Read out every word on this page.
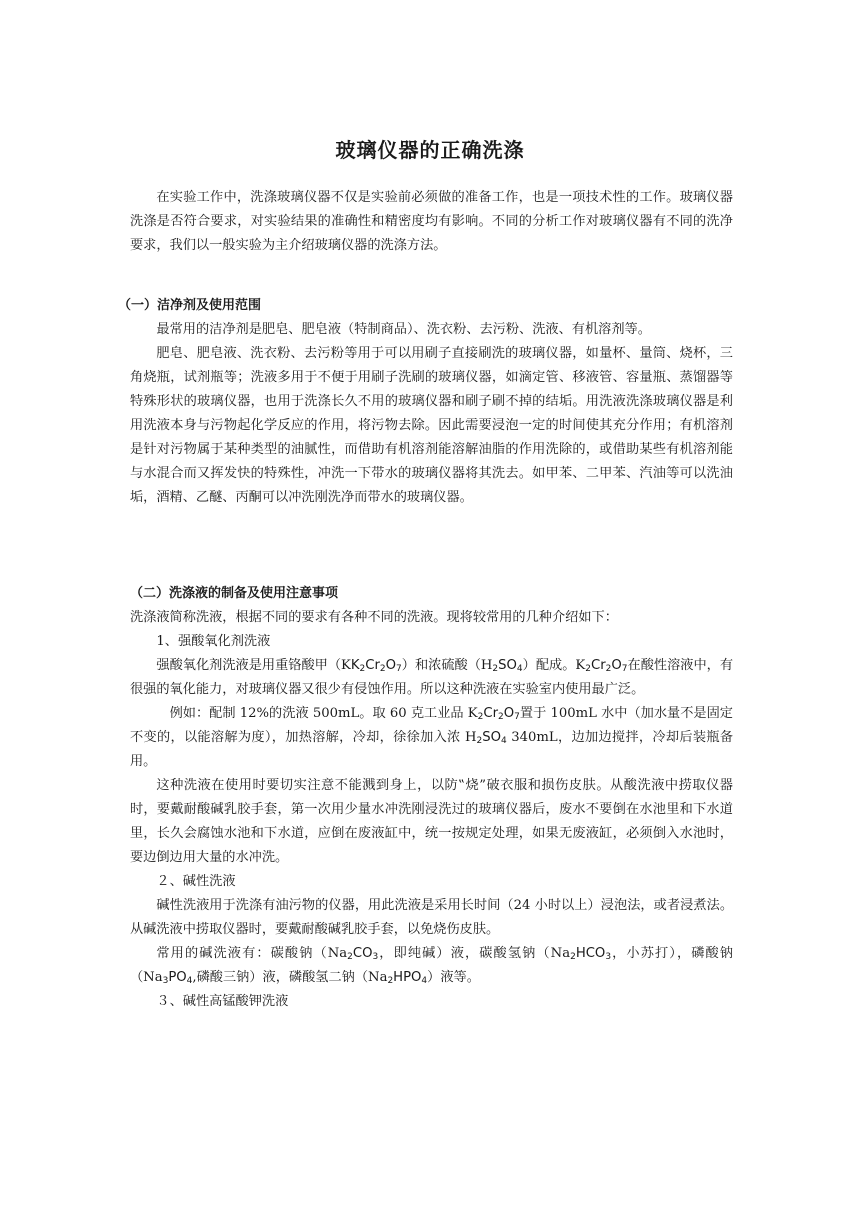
玻璃仪器的正确洗涤

在实验工作中，洗涤玻璃仪器不仅是实验前必须做的准备工作，也是一项技术性的工作。玻璃仪器洗涤是否符合要求，对实验结果的准确性和精密度均有影响。不同的分析工作对玻璃仪器有不同的洗净要求，我们以一般实验为主介绍玻璃仪器的洗涤方法。

（一）洁净剂及使用范围

最常用的洁净剂是肥皂、肥皂液（特制商品）、洗衣粉、去污粉、洗液、有机溶剂等。

肥皂、肥皂液、洗衣粉、去污粉等用于可以用刷子直接刷洗的玻璃仪器，如量杯、量筒、烧杯，三角烧瓶，试剂瓶等；洗液多用于不便于用刷子洗刷的玻璃仪器，如滴定管、移液管、容量瓶、蒸馏器等特殊形状的玻璃仪器，也用于洗涤长久不用的玻璃仪器和刷子刷不掉的结垢。用洗液洗涤玻璃仪器是利用洗液本身与污物起化学反应的作用，将污物去除。因此需要浸泡一定的时间使其充分作用；有机溶剂是针对污物属于某种类型的油腻性，而借助有机溶剂能溶解油脂的作用洗除的，或借助某些有机溶剂能与水混合而又挥发快的特殊性，冲洗一下带水的玻璃仪器将其洗去。如甲苯、二甲苯、汽油等可以洗油垢，酒精、乙醚、丙酮可以冲洗刚洗净而带水的玻璃仪器。

（二）洗涤液的制备及使用注意事项

洗涤液简称洗液，根据不同的要求有各种不同的洗液。现将较常用的几种介绍如下：

1、强酸氧化剂洗液

强酸氧化剂洗液是用重铬酸甲$(KK_2Cr_2O_7)$和浓硫酸$(H_2SO_4)$配成。$K_2Cr_2O_7$在酸性溶液中，有很强的氧化能力，对玻璃仪器又很少有侵蚀作用。所以这种洗液在实验室内使用最广泛。

例如：配制 12%的洗液 500mL。取 60 克工业品 $K_2Cr_2O_7$置于 100mL 水中（加水量不是固定不变的，以能溶解为度），加热溶解，冷却，徐徐加入浓 $H_2SO_4$ 340mL，边加边搅拌，冷却后装瓶备用。

这种洗液在使用时要切实注意不能溅到身上，以防‟烧”破衣服和损伤皮肤。从酸洗液中捞取仪器时，要戴耐酸碱乳胶手套，第一次用少量水冲洗刚浸洗过的玻璃仪器后，废水不要倒在水池里和下水道里，长久会腐蚀水池和下水道，应倒在废液缸中，统一按规定处理，如果无废液缸，必须倒入水池时，要边倒边用大量的水冲洗。

２、碱性洗液

碱性洗液用于洗涤有油污物的仪器，用此洗液是采用长时间（24 小时以上）浸泡法，或者浸煮法。从碱洗液中捞取仪器时，要戴耐酸碱乳胶手套，以免烧伤皮肤。

常用的碱洗液有：碳酸钠（$Na_2CO_3$，即纯碱）液，碳酸氢钠（$Na_2HCO_3$，小苏打），磷酸钠（$Na_3PO_4$,磷酸三钠）液，磷酸氢二钠$(Na_2HPO_4)$液等。

３、碱性高锰酸钾洗液
